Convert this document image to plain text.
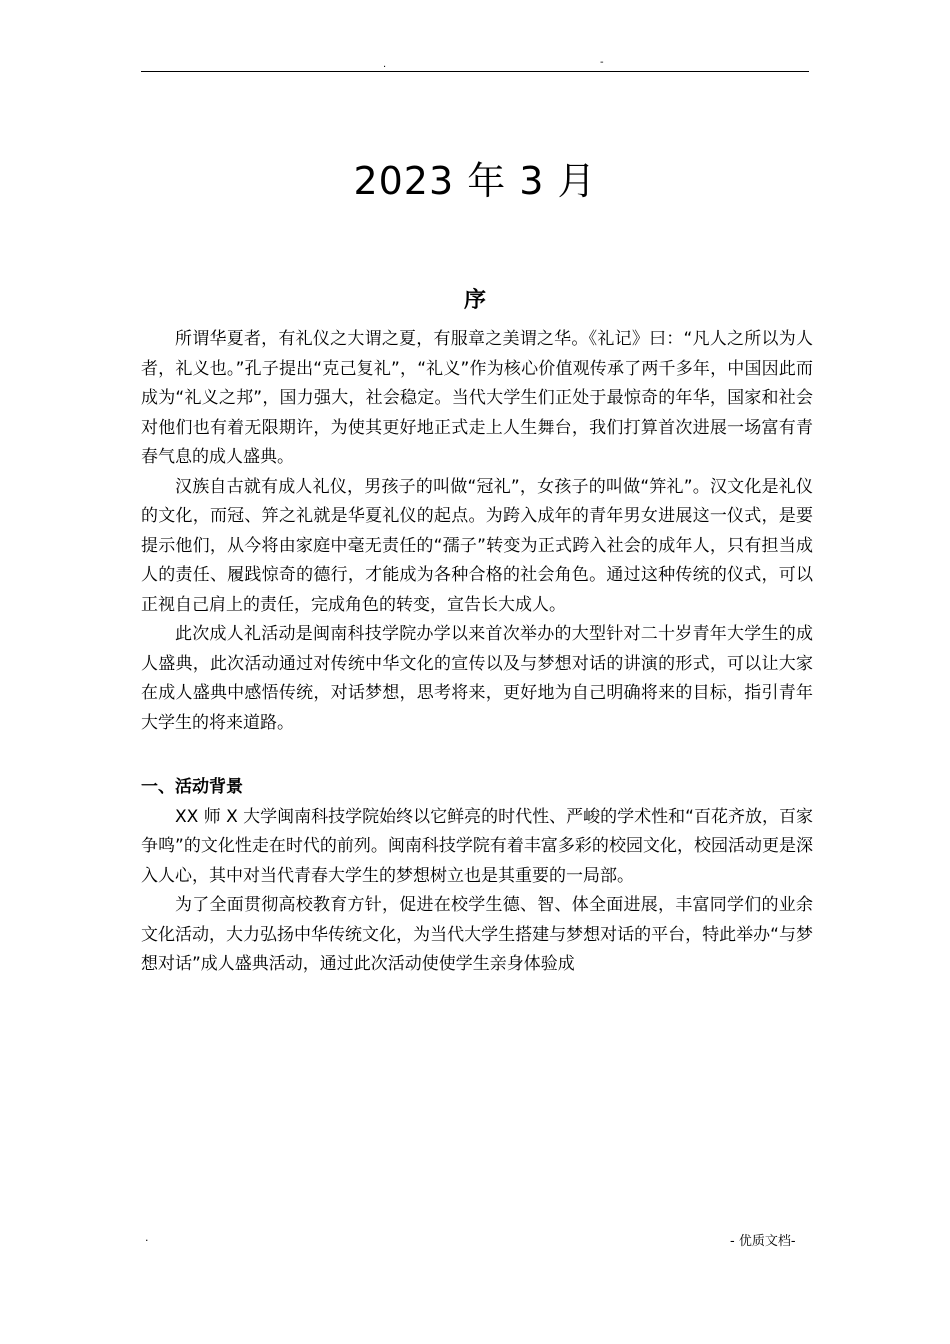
.	-
2023 年 3 月
序

所谓华夏者，有礼仪之大谓之夏，有服章之美谓之华。《礼记》曰：“凡人之所以为人者，礼义也。”孔子提出“克己复礼”，“礼义”作为核心价值观传承了两千多年，中国因此而成为“礼义之邦”，国力强大，社会稳定。当代大学生们正处于最惊奇的年华，国家和社会对他们也有着无限期许，为使其更好地正式走上人生舞台，我们打算首次进展一场富有青春气息的成人盛典。

汉族自古就有成人礼仪，男孩子的叫做“冠礼”，女孩子的叫做“笄礼”。汉文化是礼仪的文化，而冠、笄之礼就是华夏礼仪的起点。为跨入成年的青年男女进展这一仪式，是要提示他们，从今将由家庭中毫无责任的“孺子”转变为正式跨入社会的成年人，只有担当成人的责任、履践惊奇的德行，才能成为各种合格的社会角色。通过这种传统的仪式，可以正视自己肩上的责任，完成角色的转变，宣告长大成人。

此次成人礼活动是闽南科技学院办学以来首次举办的大型针对二十岁青年大学生的成人盛典，此次活动通过对传统中华文化的宣传以及与梦想对话的讲演的形式，可以让大家在成人盛典中感悟传统，对话梦想，思考将来，更好地为自己明确将来的目标，指引青年大学生的将来道路。

一、活动背景

XX 师 X 大学闽南科技学院始终以它鲜亮的时代性、严峻的学术性和“百花齐放，百家争鸣”的文化性走在时代的前列。闽南科技学院有着丰富多彩的校园文化，校园活动更是深入人心，其中对当代青春大学生的梦想树立也是其重要的一局部。

为了全面贯彻高校教育方针，促进在校学生德、智、体全面进展，丰富同学们的业余文化活动，大力弘扬中华传统文化，为当代大学生搭建与梦想对话的平台，特此举办“与梦想对话”成人盛典活动，通过此次活动使使学生亲身体验成

.	- 优质文档-
